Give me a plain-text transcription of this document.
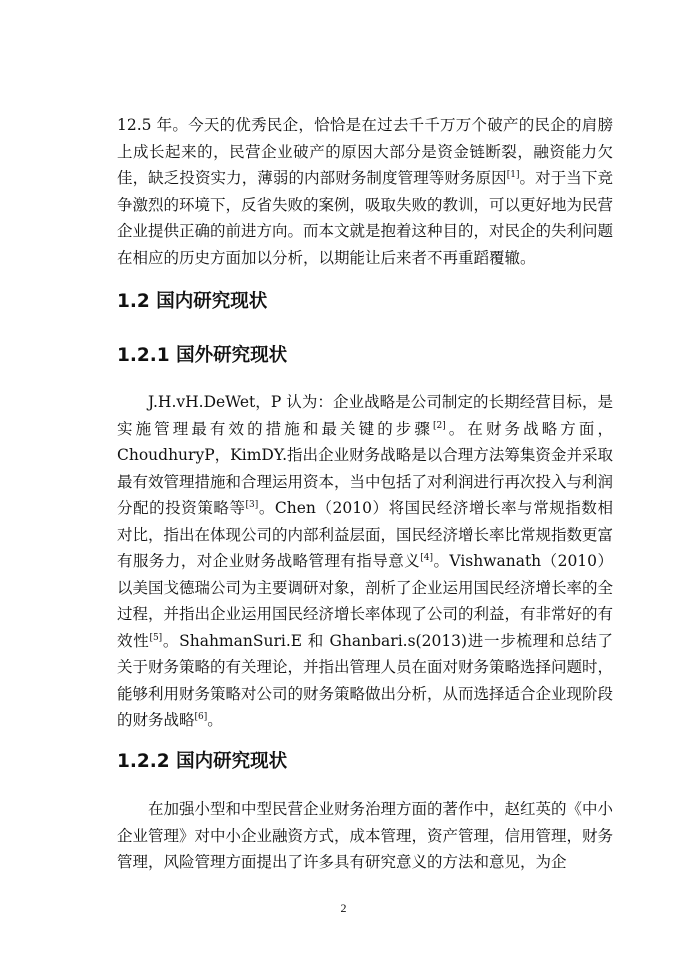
12.5 年。今天的优秀民企，恰恰是在过去千千万万个破产的民企的肩膀上成长起来的，民营企业破产的原因大部分是资金链断裂，融资能力欠佳，缺乏投资实力，薄弱的内部财务制度管理等财务原因[1]。对于当下竞争激烈的环境下，反省失败的案例，吸取失败的教训，可以更好地为民营企业提供正确的前进方向。而本文就是抱着这种目的，对民企的失利问题在相应的历史方面加以分析，以期能让后来者不再重蹈覆辙。

1.2 国内研究现状
1.2.1 国外研究现状

J.H.vH.DeWet，P 认为：企业战略是公司制定的长期经营目标，是实施管理最有效的措施和最关键的步骤[2]。在财务战略方面，ChoudhuryP，KimDY.指出企业财务战略是以合理方法筹集资金并采取最有效管理措施和合理运用资本，当中包括了对利润进行再次投入与利润分配的投资策略等[3]。Chen（2010）将国民经济增长率与常规指数相对比，指出在体现公司的内部利益层面，国民经济增长率比常规指数更富有服务力，对企业财务战略管理有指导意义[4]。Vishwanath（2010）以美国戈德瑞公司为主要调研对象，剖析了企业运用国民经济增长率的全过程，并指出企业运用国民经济增长率体现了公司的利益，有非常好的有效性[5]。ShahmanSuri.E 和 Ghanbari.s(2013)进一步梳理和总结了关于财务策略的有关理论，并指出管理人员在面对财务策略选择问题时，能够利用财务策略对公司的财务策略做出分析，从而选择适合企业现阶段的财务战略[6]。

1.2.2 国内研究现状

在加强小型和中型民营企业财务治理方面的著作中，赵红英的《中小企业管理》对中小企业融资方式，成本管理，资产管理，信用管理，财务管理，风险管理方面提出了许多具有研究意义的方法和意见，为企

2
